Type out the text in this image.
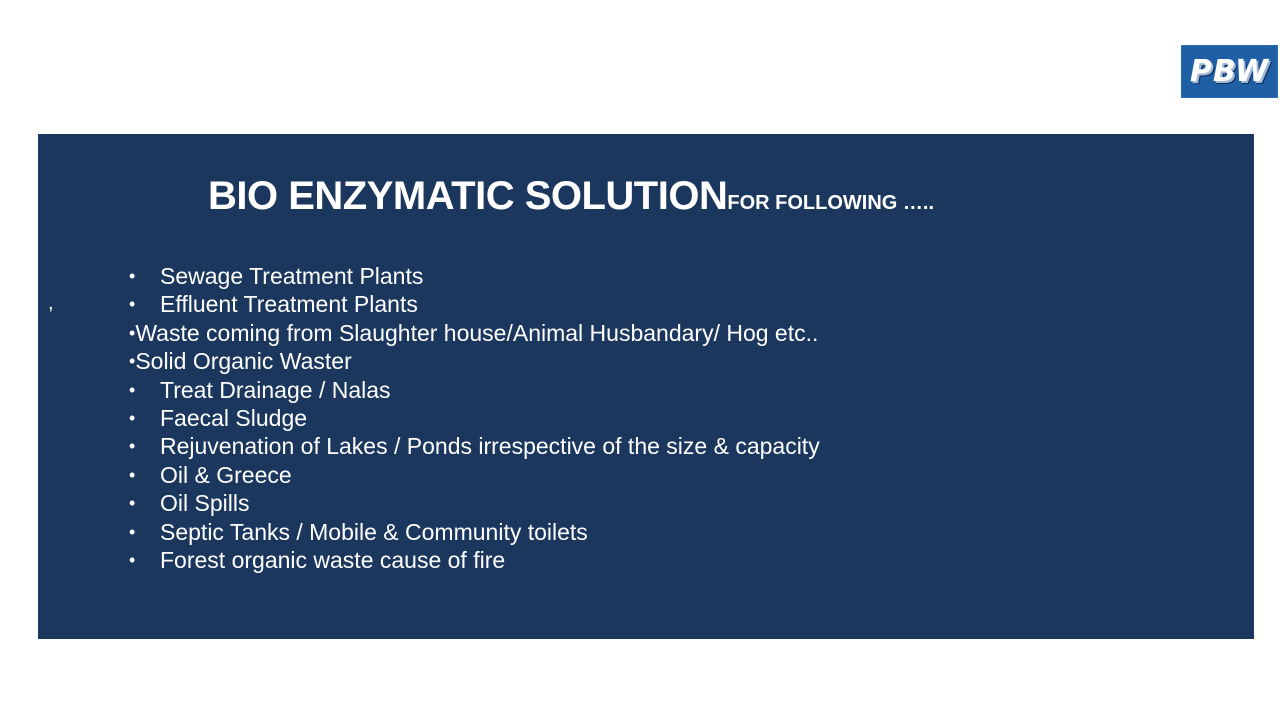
PBW
BIO ENZYMATIC SOLUTIONFOR FOLLOWING …..
,
•	Sewage Treatment Plants
•	Effluent Treatment Plants
• Waste coming from Slaughter house/Animal Husbandary/ Hog etc..
• Solid Organic Waster
•	Treat Drainage / Nalas
•	Faecal Sludge
•	Rejuvenation of Lakes / Ponds irrespective of the size & capacity
•	Oil & Greece
•	Oil Spills
•	Septic Tanks / Mobile & Community toilets
•	Forest organic waste cause of fire
